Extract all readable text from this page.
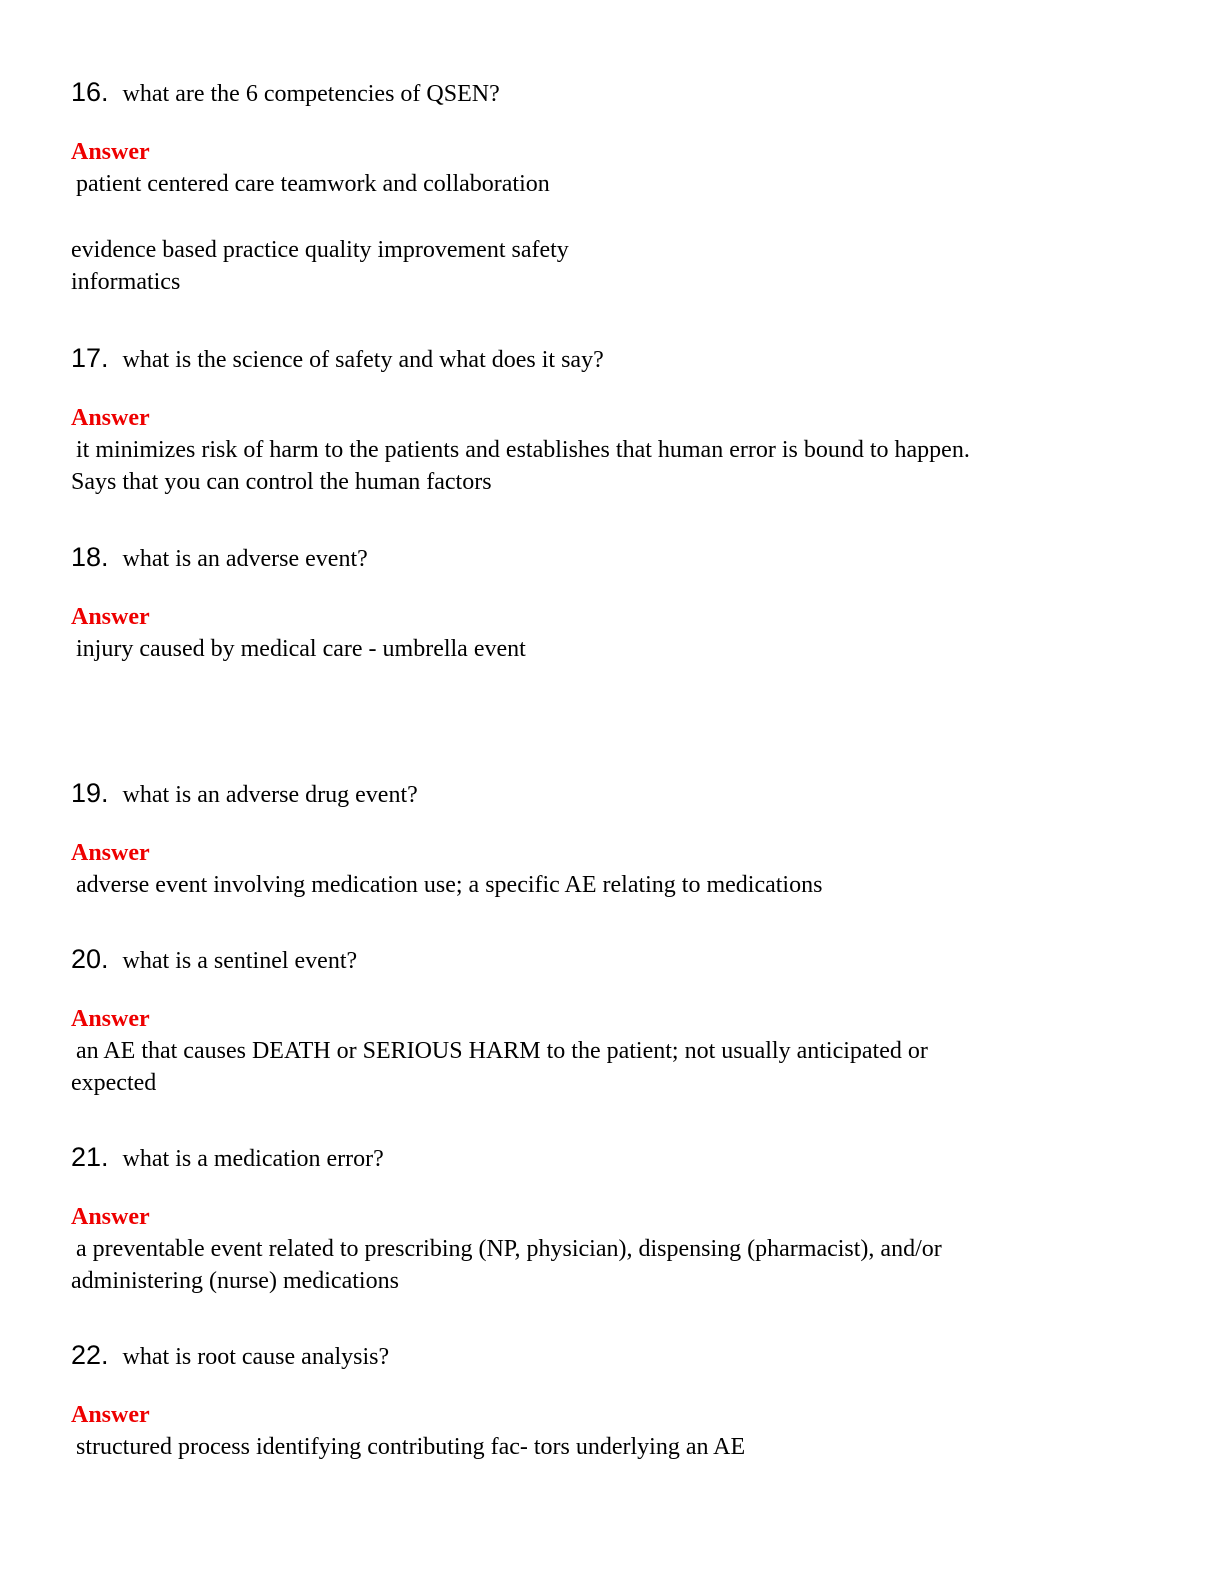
16. what are the 6 competencies of QSEN?
Answer
patient centered care teamwork and collaboration
evidence based practice quality improvement safety
informatics
17. what is the science of safety and what does it say?
Answer
it minimizes risk of harm to the patients and establishes that human error is bound to happen.
Says that you can control the human factors
18. what is an adverse event?
Answer
injury caused by medical care - umbrella event
19. what is an adverse drug event?
Answer
adverse event involving medication use; a specific AE relating to medications
20. what is a sentinel event?
Answer
an AE that causes DEATH or SERIOUS HARM to the patient; not usually anticipated or
expected
21. what is a medication error?
Answer
a preventable event related to prescribing (NP, physician), dispensing (pharmacist), and/or
administering (nurse) medications
22. what is root cause analysis?
Answer
structured process identifying contributing fac- tors underlying an AE
